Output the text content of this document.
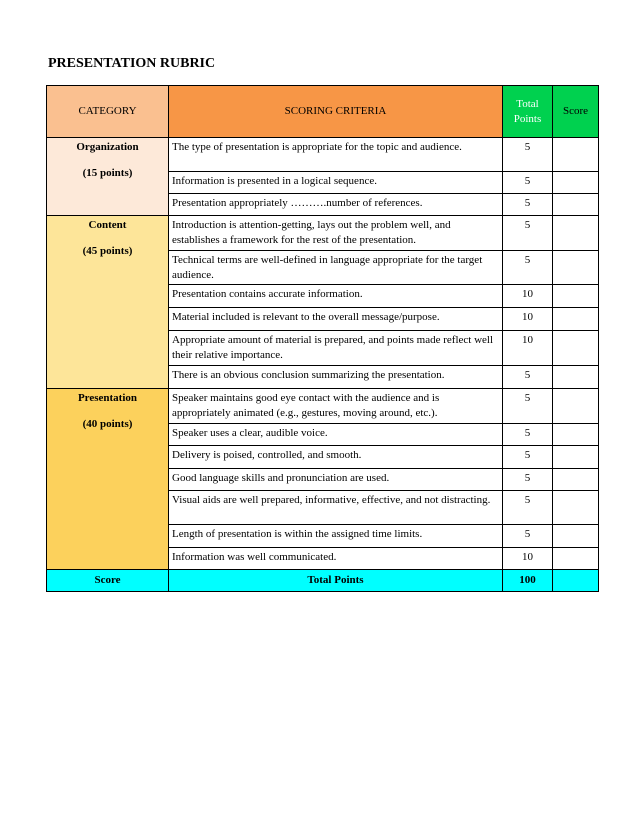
PRESENTATION RUBRIC
CATEGORY	SCORING CRITERIA	Total Points	Score

Organization
(15 points)	The type of presentation is appropriate for the topic and audience.	5	
	Information is presented in a logical sequence.	5	
	Presentation appropriately ……….number of references.	5	

Content
(45 points)	Introduction is attention-getting, lays out the problem well, and establishes a framework for the rest of the presentation.	5	
	Technical terms are well-defined in language appropriate for the target audience.	5	
	Presentation contains accurate information.	10	
	Material included is relevant to the overall message/purpose.	10	
	Appropriate amount of material is prepared, and points made reflect well their relative importance.	10	
	There is an obvious conclusion summarizing the presentation.	5	

Presentation
(40 points)	Speaker maintains good eye contact with the audience and is appropriately animated (e.g., gestures, moving around, etc.).	5	
	Speaker uses a clear, audible voice.	5	
	Delivery is poised, controlled, and smooth.	5	
	Good language skills and pronunciation are used.	5	
	Visual aids are well prepared, informative, effective, and not distracting.	5	
	Length of presentation is within the assigned time limits.	5	
	Information was well communicated.	10	
Score	Total Points	100	
